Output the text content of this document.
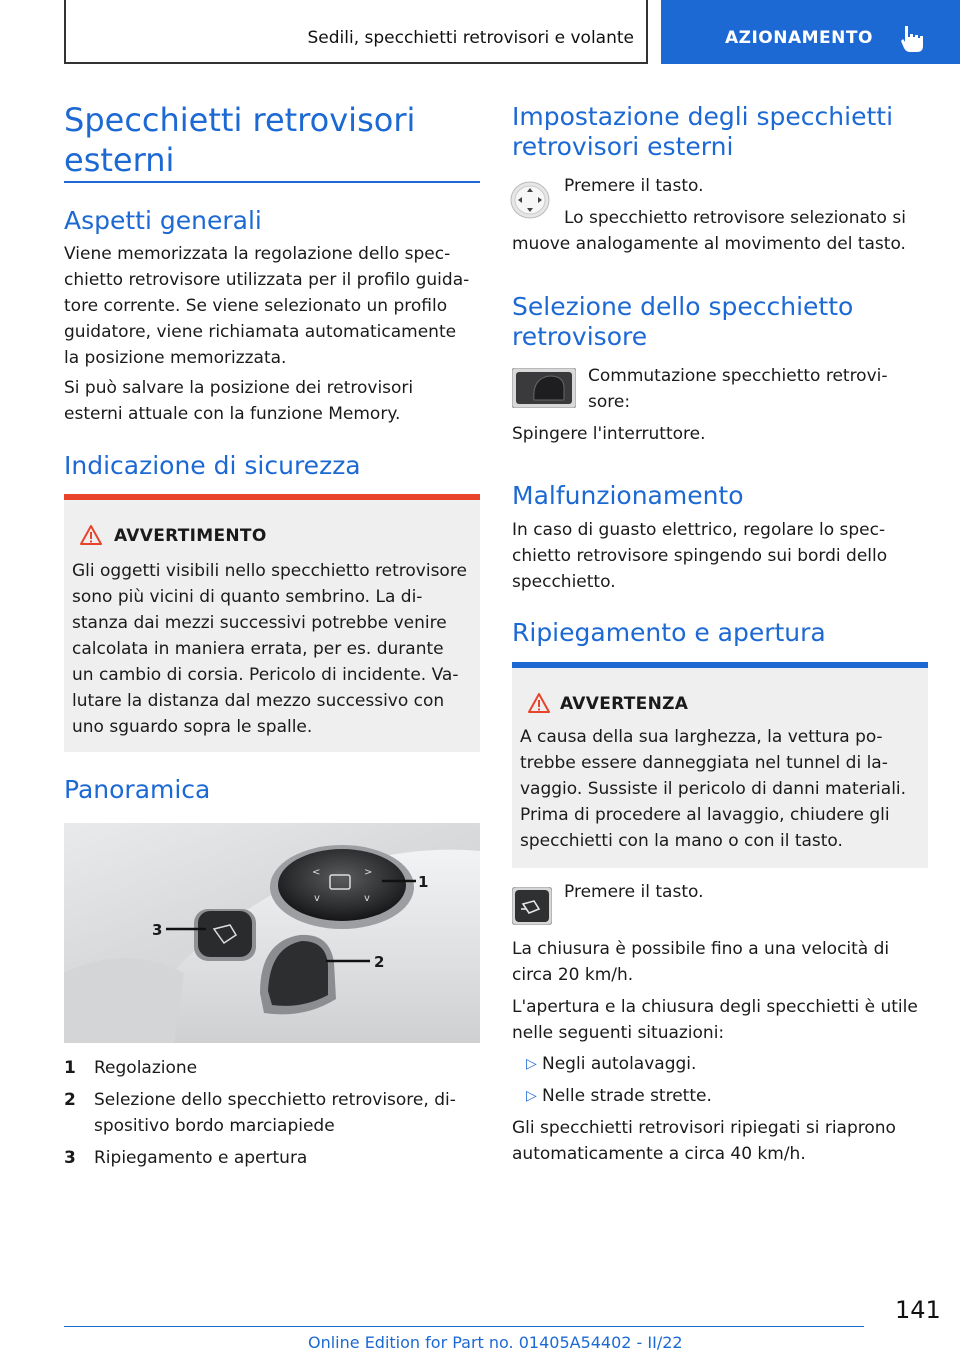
Sedili, specchietti retrovisori e volante	AZIONAMENTO
Specchietti retrovisori esterni
Aspetti generali
Viene memorizzata la regolazione dello spec‐
chietto retrovisore utilizzata per il profilo guida‐
tore corrente. Se viene selezionato un profilo
guidatore, viene richiamata automaticamente
la posizione memorizzata.
Si può salvare la posizione dei retrovisori
esterni attuale con la funzione Memory.
Indicazione di sicurezza
AVVERTIMENTO
Gli oggetti visibili nello specchietto retrovisore
sono più vicini di quanto sembrino. La di‐
stanza dai mezzi successivi potrebbe venire
calcolata in maniera errata, per es. durante
un cambio di corsia. Pericolo di incidente. Va‐
lutare la distanza dal mezzo successivo con
uno sguardo sopra le spalle.
Panoramica
<	>
v	v
1
2
3
1 Regolazione
2 Selezione dello specchietto retrovisore, di‐
spositivo bordo marciapiede
3 Ripiegamento e apertura
Impostazione degli specchietti
retrovisori esterni
Premere il tasto.
Lo specchietto retrovisore selezionato si
muove analogamente al movimento del tasto.
Selezione dello specchietto
retrovisore
Commutazione specchietto retrovi‐
sore:
Spingere l'interruttore.
Malfunzionamento
In caso di guasto elettrico, regolare lo spec‐
chietto retrovisore spingendo sui bordi dello
specchietto.
Ripiegamento e apertura
AVVERTENZA
A causa della sua larghezza, la vettura po‐
trebbe essere danneggiata nel tunnel di la‐
vaggio. Sussiste il pericolo di danni materiali.
Prima di procedere al lavaggio, chiudere gli
specchietti con la mano o con il tasto.
Premere il tasto.
La chiusura è possibile fino a una velocità di
circa 20 km/h.
L'apertura e la chiusura degli specchietti è utile
nelle seguenti situazioni:
▷ Negli autolavaggi.
▷ Nelle strade strette.
Gli specchietti retrovisori ripiegati si riaprono
automaticamente a circa 40 km/h.
141
Online Edition for Part no. 01405A54402 - II/22
